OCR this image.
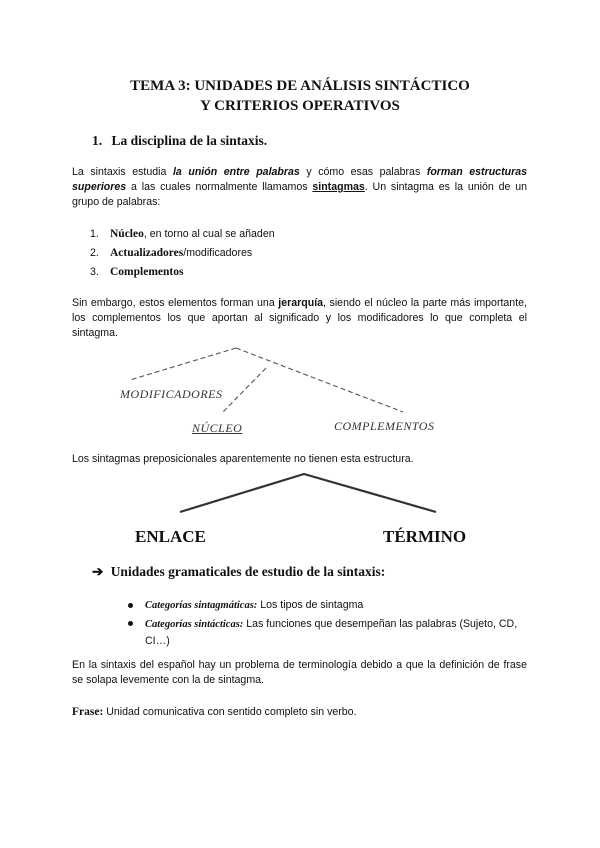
TEMA 3: UNIDADES DE ANÁLISIS SINTÁCTICO
Y CRITERIOS OPERATIVOS
1. La disciplina de la sintaxis.
La sintaxis estudia la unión entre palabras y cómo esas palabras forman estructuras superiores a las cuales normalmente llamamos sintagmas. Un sintagma es la unión de un grupo de palabras:
1. Núcleo, en torno al cual se añaden
2. Actualizadores/modificadores
3. Complementos
Sin embargo, estos elementos forman una jerarquía, siendo el núcleo la parte más importante, los complementos los que aportan al significado y los modificadores lo que completa el sintagma.
MODIFICADORES
NÚCLEO	COMPLEMENTOS
Los sintagmas preposicionales aparentemente no tienen esta estructura.
ENLACE	TÉRMINO
➔ Unidades gramaticales de estudio de la sintaxis:
Categorías sintagmáticas: Los tipos de sintagma
Categorías sintácticas: Las funciones que desempeñan las palabras (Sujeto, CD, CI…)
En la sintaxis del español hay un problema de terminología debido a que la definición de frase se solapa levemente con la de sintagma.
Frase: Unidad comunicativa con sentido completo sin verbo.
